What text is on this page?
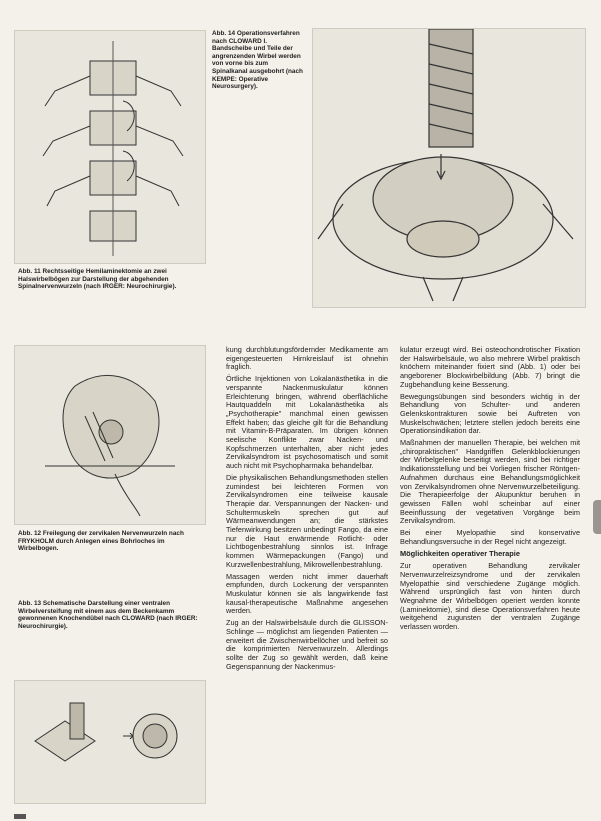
Abb. 11 Rechtsseitige Hemilaminektomie an zwei Halswirbelbögen zur Darstellung der abgehenden Spinalnervenwurzeln (nach IRGER: Neurochirurgie).
Abb. 14 Operationsverfahren nach CLOWARD I. Bandscheibe und Teile der angrenzenden Wirbel werden von vorne bis zum Spinalkanal ausgebohrt (nach KEMPE: Operative Neurosurgery).
Abb. 12 Freilegung der zervikalen Nervenwurzeln nach FRYKHOLM durch Anlegen eines Bohrloches im Wirbelbogen.
Abb. 13 Schematische Darstellung einer ventralen Wirbelversteifung mit einem aus dem Beckenkamm gewonnenen Knochendübel nach CLOWARD (nach IRGER: Neurochirurgie).

kung durchblutungsfördernder Medikamente am eigengesteuerten Hirnkreislauf ist ohnehin fraglich.

Örtliche Injektionen von Lokalanästhetika in die verspannte Nackenmuskulatur können Erleichterung bringen, während oberflächliche Hautquaddeln mit Lokalanästhetika als „Psychotherapie" manchmal einen gewissen Effekt haben; das gleiche gilt für die Behandlung mit Vitamin-B-Präparaten. Im übrigen können seelische Konflikte zwar Nacken- und Kopfschmerzen unterhalten, aber nicht jedes Zervikalsyndrom ist psychosomatisch und somit auch nicht mit Psychopharmaka behandelbar.

Die physikalischen Behandlungsmethoden stellen zumindest bei leichteren Formen von Zervikalsyndromen eine teilweise kausale Therapie dar. Verspannungen der Nacken- und Schultermuskeln sprechen gut auf Wärmeanwendungen an; die stärkstes Tiefenwirkung besitzen unbedingt Fango, da eine nur die Haut erwärmende Rotlicht- oder Lichtbogenbestrahlung sinnlos ist. Infrage kommen Wärmepackungen (Fango) und Kurzwellenbestrahlung, Mikrowellenbestrahlung.

Massagen werden nicht immer dauerhaft empfunden, durch Lockerung der verspannten Muskulatur können sie als langwirkende fast kausal-therapeutische Maßnahme angesehen werden.

Zug an der Halswirbelsäule durch die GLISSON-Schlinge — möglichst am liegenden Patienten — erweitert die Zwischenwirbellöcher und befreit so die komprimierten Nervenwurzeln. Allerdings sollte der Zug so gewählt werden, daß keine Gegenspannung der Nackenmus-

kulatur erzeugt wird. Bei osteochondrotischer Fixation der Halswirbelsäule, wo also mehrere Wirbel praktisch knöchern miteinander fixiert sind (Abb. 1) oder bei angeborener Blockwirbelbildung (Abb. 7) bringt die Zugbehandlung keine Besserung.

Bewegungsübungen sind besonders wichtig in der Behandlung von Schulter- und anderen Gelenkskontrakturen sowie bei Auftreten von Muskelschwächen; letztere stellen jedoch bereits eine Operationsindikation dar.

Maßnahmen der manuellen Therapie, bei welchen mit „chiropraktischen" Handgriffen Gelenkblockierungen der Wirbelgelenke beseitigt werden, sind bei richtiger Indikationsstellung und bei Vorliegen frischer Röntgen-Aufnahmen durchaus eine Behandlungsmöglichkeit von Zervikalsyndromen ohne Nervenwurzelbeteiligung. Die Therapieerfolge der Akupunktur beruhen in gewissen Fällen wohl scheinbar auf einer Beeinflussung der vegetativen Vorgänge beim Zervikalsyndrom.

Bei einer Myelopathie sind konservative Behandlungsversuche in der Regel nicht angezeigt.

Möglichkeiten operativer Therapie

Zur operativen Behandlung zervikaler Nervenwurzelreizsyndrome und der zervikalen Myelopathie sind verschiedene Zugänge möglich. Während ursprünglich fast von hinten durch Wegnahme der Wirbelbögen operiert werden konnte (Laminektomie), sind diese Operationsverfahren heute weitgehend zugunsten der ventralen Zugänge verlassen worden.
